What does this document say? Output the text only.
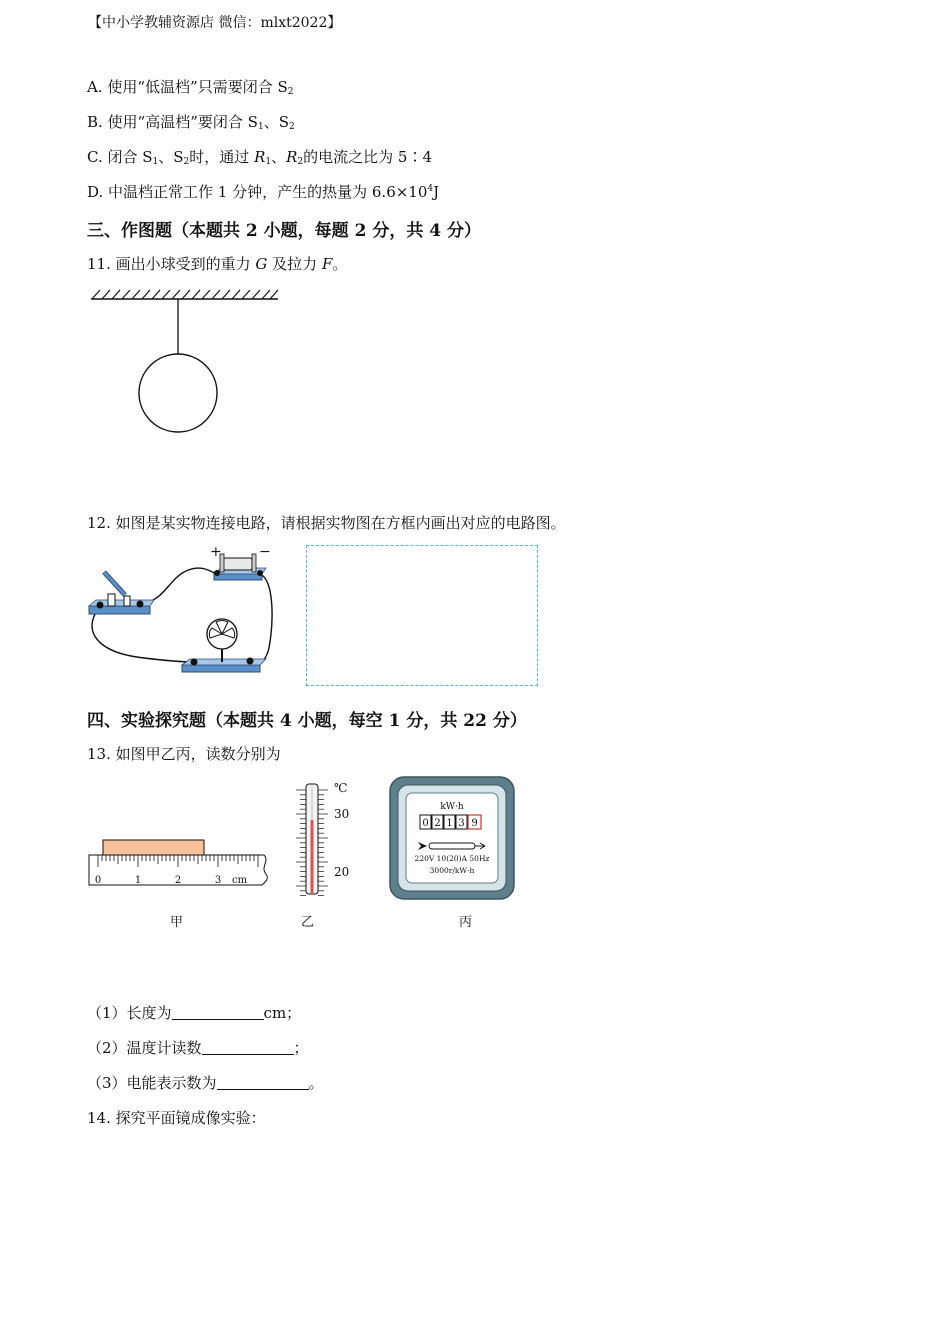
【中小学教辅资源店 微信：mlxt2022】
A. 使用“低温档”只需要闭合 $S_2$
B. 使用“高温档”要闭合 $S_1$、$S_2$
C. 闭合 $S_1$、$S_2$时，通过 $R_1$、$R_2$的电流之比为 5∶4
D. 中温档正常工作 1 分钟，产生的热量为 $6.6\times 10^4J$
三、作图题（本题共 2 小题，每题 2 分，共 4 分）
11. 画出小球受到的重力 G 及拉力 F。
12. 如图是某实物连接电路，请根据实物图在方框内画出对应的电路图。
+	−
四、实验探究题（本题共 4 小题，每空 1 分，共 22 分）
13. 如图甲乙丙，读数分别为
0	1	2	3 cm
甲
℃
30
20
乙
kW·h
0 2 1 3 9
220V 10(20)A 50Hz
3000r/kW·h
丙
（1）长度为	cm；
（2）温度计读数	；
（3）电能表示数为	。
14. 探究平面镜成像实验：
